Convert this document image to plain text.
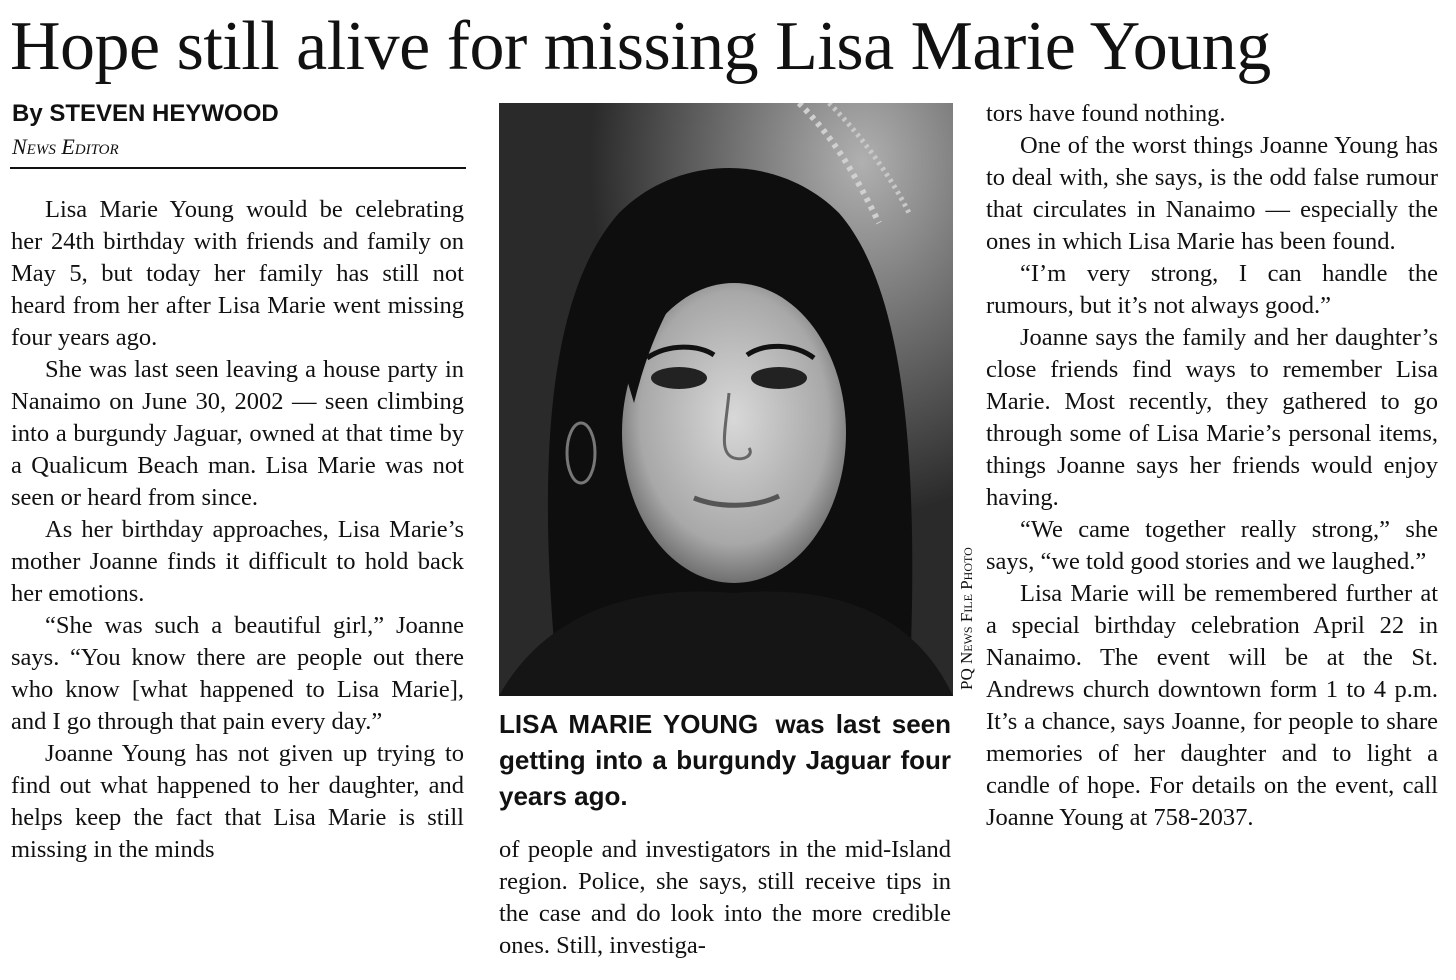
Hope still alive for missing Lisa Marie Young
By STEVEN HEYWOOD
News Editor

Lisa Marie Young would be celebrating her 24th birthday with friends and family on May 5, but today her family has still not heard from her after Lisa Marie went missing four years ago.

She was last seen leaving a house party in Nanaimo on June 30, 2002 — seen climbing into a burgundy Jaguar, owned at that time by a Qualicum Beach man. Lisa Marie was not seen or heard from since.

As her birthday approaches, Lisa Marie’s mother Joanne finds it difficult to hold back her emotions.

“She was such a beautiful girl,” Joanne says. “You know there are people out there who know [what happened to Lisa Marie], and I go through that pain every day.”

Joanne Young has not given up trying to find out what happened to her daughter, and helps keep the fact that Lisa Marie is still missing in the minds

PQ News File Photo
LISA MARIE YOUNG was last seen getting into a burgundy Jaguar four years ago.

of people and investigators in the mid-Island region. Police, she says, still receive tips in the case and do look into the more credible ones. Still, investiga-

tors have found nothing.

One of the worst things Joanne Young has to deal with, she says, is the odd false rumour that circulates in Nanaimo — especially the ones in which Lisa Marie has been found.

“I’m very strong, I can handle the rumours, but it’s not always good.”

Joanne says the family and her daughter’s close friends find ways to remember Lisa Marie. Most recently, they gathered to go through some of Lisa Marie’s personal items, things Joanne says her friends would enjoy having.

“We came together really strong,” she says, “we told good stories and we laughed.”

Lisa Marie will be remembered further at a special birthday celebration April 22 in Nanaimo. The event will be at the St. Andrews church downtown form 1 to 4 p.m. It’s a chance, says Joanne, for people to share memories of her daughter and to light a candle of hope. For details on the event, call Joanne Young at 758-2037.
